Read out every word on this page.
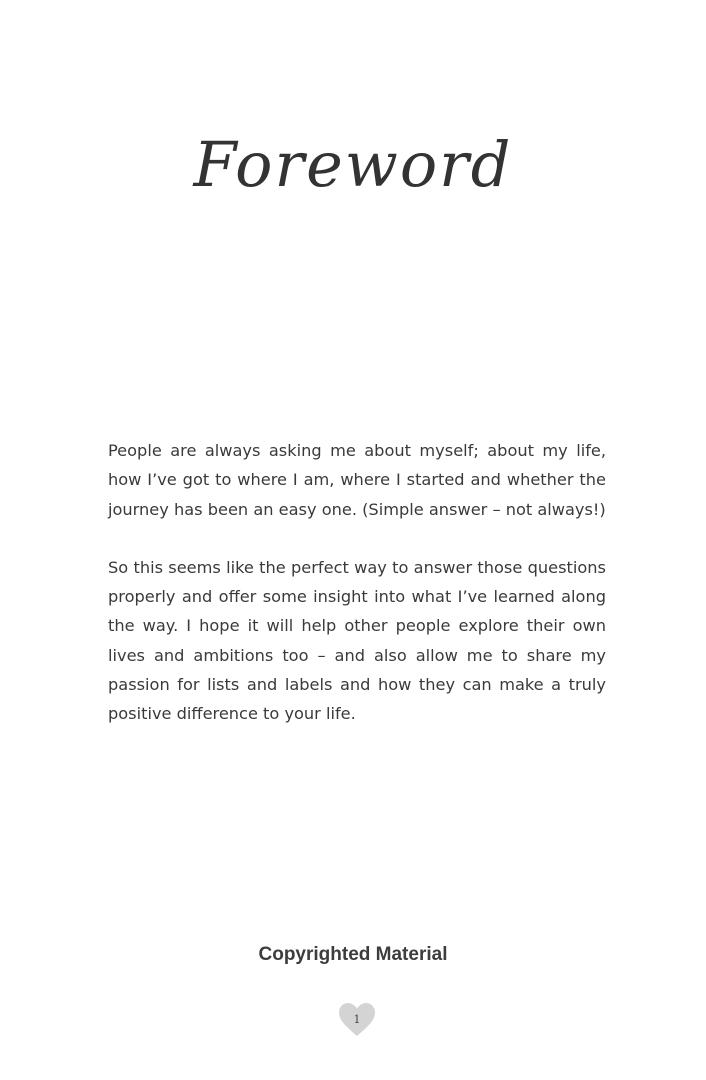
Foreword

People are always asking me about myself; about my life, how I’ve got to where I am, where I started and whether the journey has been an easy one. (Simple answer – not always!)

So this seems like the perfect way to answer those questions properly and offer some insight into what I’ve learned along the way. I hope it will help other people explore their own lives and ambitions too – and also allow me to share my passion for lists and labels and how they can make a truly positive difference to your life.

Copyrighted Material
1
